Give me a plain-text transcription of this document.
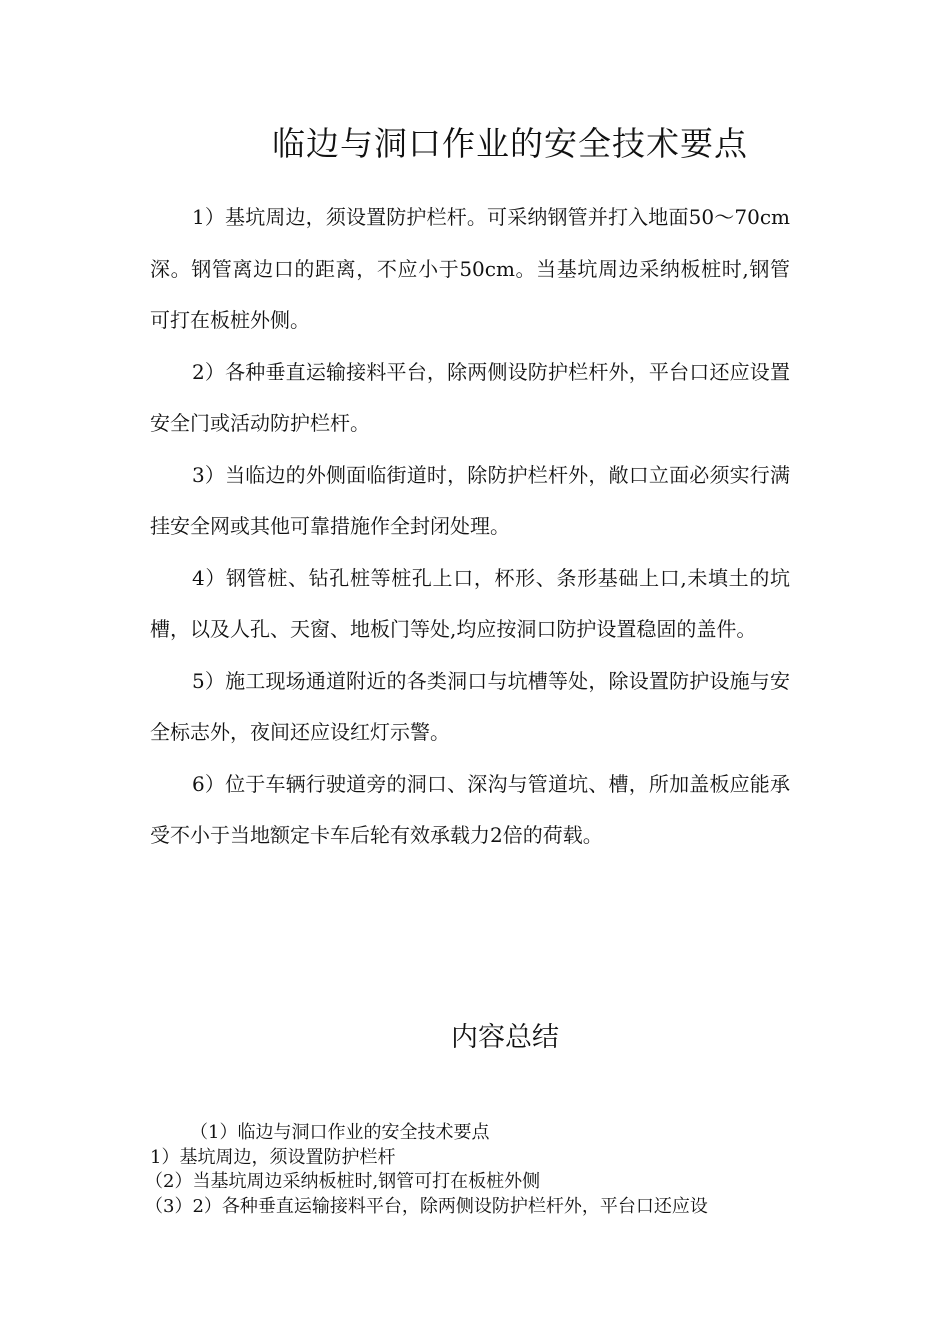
临边与洞口作业的安全技术要点

1）基坑周边，须设置防护栏杆。可采纳钢管并打入地面50～70cm深。钢管离边口的距离，不应小于50cm。当基坑周边采纳板桩时,钢管可打在板桩外侧。

2）各种垂直运输接料平台，除两侧设防护栏杆外，平台口还应设置安全门或活动防护栏杆。

3）当临边的外侧面临街道时，除防护栏杆外，敞口立面必须实行满挂安全网或其他可靠措施作全封闭处理。

4）钢管桩、钻孔桩等桩孔上口，杯形、条形基础上口,未填土的坑槽，以及人孔、天窗、地板门等处,均应按洞口防护设置稳固的盖件。

5）施工现场通道附近的各类洞口与坑槽等处，除设置防护设施与安全标志外，夜间还应设红灯示警。

6）位于车辆行驶道旁的洞口、深沟与管道坑、槽，所加盖板应能承受不小于当地额定卡车后轮有效承载力2倍的荷载。

内容总结

（1）临边与洞口作业的安全技术要点

1）基坑周边，须设置防护栏杆

（2）当基坑周边采纳板桩时,钢管可打在板桩外侧

（3）2）各种垂直运输接料平台，除两侧设防护栏杆外，平台口还应设
